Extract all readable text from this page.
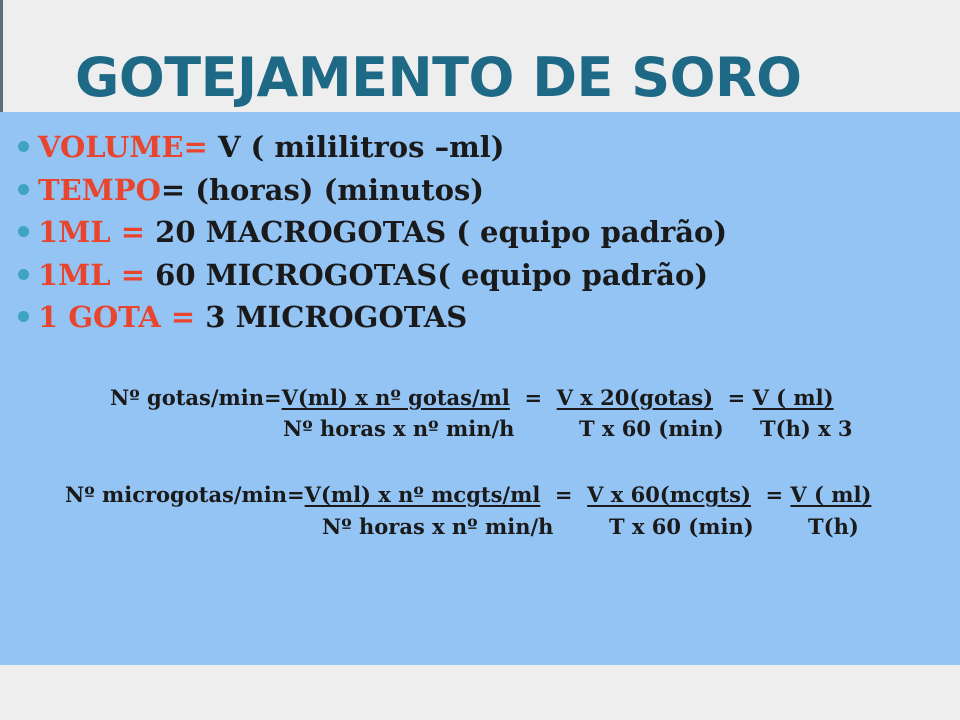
GOTEJAMENTO DE SORO
VOLUME= V ( mililitros –ml)
TEMPO= (horas) (minutos)
1ML = 20 MACROGOTAS ( equipo padrão)
1ML = 60 MICROGOTAS( equipo padrão)
1 GOTA = 3 MICROGOTAS

Nº gotas/min=V(ml) x nº gotas/ml  =  V x 20(gotas)  = V ( ml)

Nº horas x nº min/h	T x 60 (min) T(h) x 3

Nº microgotas/min=V(ml) x nº mcgts/ml  =  V x 60(mcgts)  = V ( ml)

Nº horas x nº min/h	T x 60 (min)	T(h)
